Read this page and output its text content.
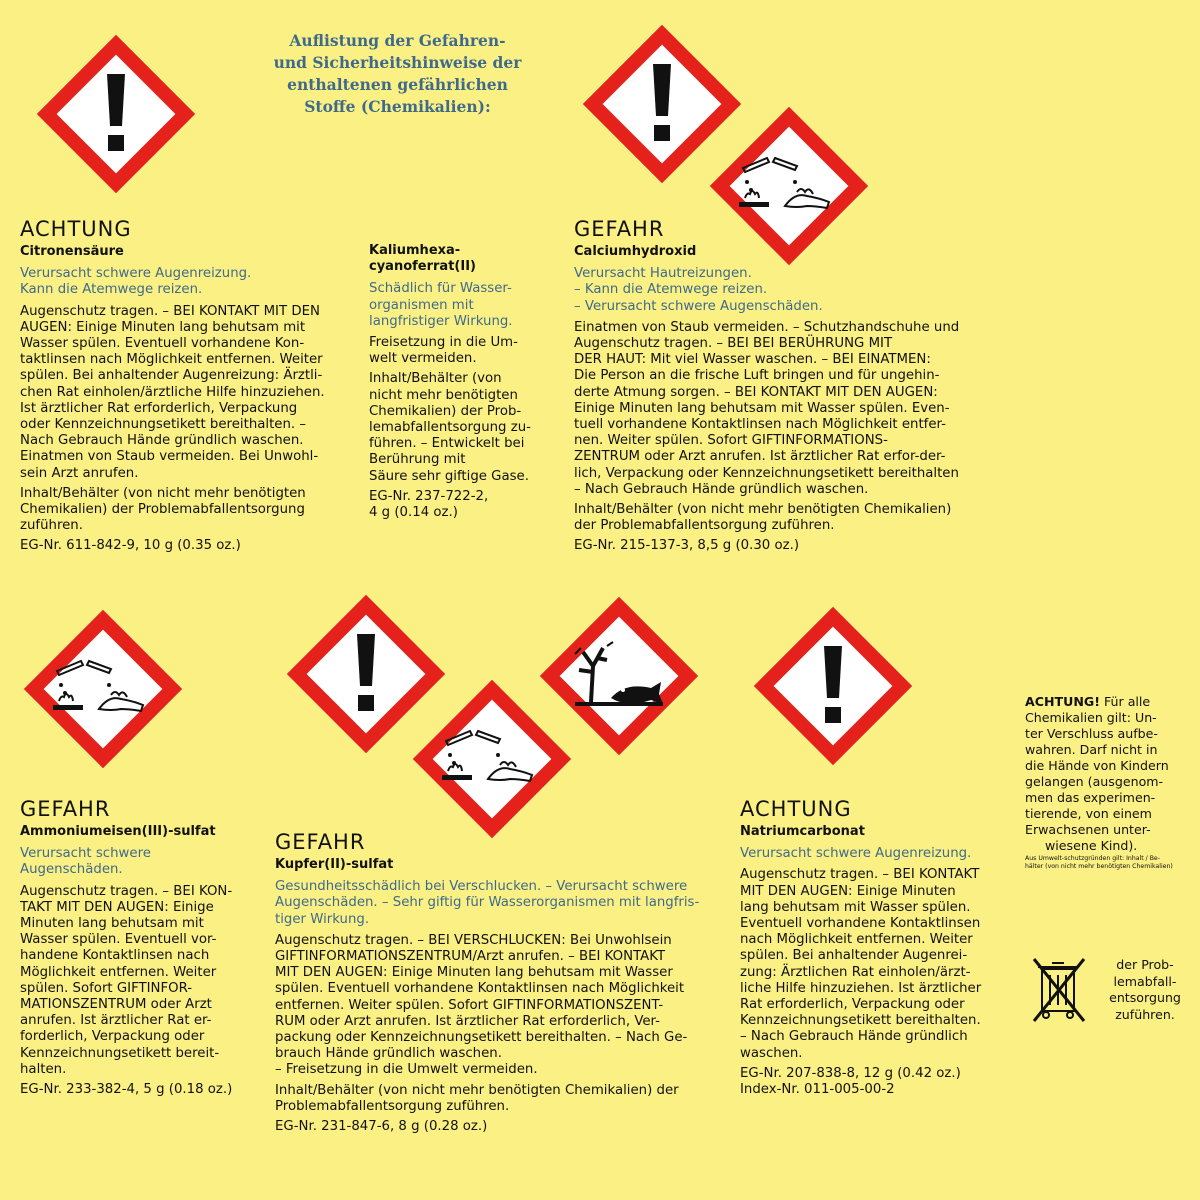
Auflistung der Gefahren-
und Sicherheitshinweise der
enthaltenen gefährlichen
Stoffe (Chemikalien):
ACHTUNG
Citronensäure

Verursacht schwere Augenreizung.
Kann die Atemwege reizen.

Augenschutz tragen. – BEI KONTAKT MIT DEN
AUGEN: Einige Minuten lang behutsam mit
Wasser spülen. Eventuell vorhandene Kon-
taktlinsen nach Möglichkeit entfernen. Weiter
spülen. Bei anhaltender Augenreizung: Ärztli-
chen Rat einholen/ärztliche Hilfe hinzuziehen.
Ist ärztlicher Rat erforderlich, Verpackung
oder Kennzeichnungsetikett bereithalten. –
Nach Gebrauch Hände gründlich waschen.
Einatmen von Staub vermeiden. Bei Unwohl-
sein Arzt anrufen.

Inhalt/Behälter (von nicht mehr benötigten
Chemikalien) der Problemabfallentsorgung
zuführen.

EG-Nr. 611-842-9, 10 g (0.35 oz.)

Kaliumhexa-
cyanoferrat(II)

Schädlich für Wasser-
organismen mit
langfristiger Wirkung.

Freisetzung in die Um-
welt vermeiden.

Inhalt/Behälter (von
nicht mehr benötigten
Chemikalien) der Prob-
lemabfallentsorgung zu-
führen. – Entwickelt bei
Berührung mit
Säure sehr giftige Gase.

EG-Nr. 237-722-2,
4 g (0.14 oz.)

GEFAHR
Calciumhydroxid

Verursacht Hautreizungen.
– Kann die Atemwege reizen.
– Verursacht schwere Augenschäden.

Einatmen von Staub vermeiden. – Schutzhandschuhe und
Augenschutz tragen. – BEI BEI BERÜHRUNG MIT
DER HAUT: Mit viel Wasser waschen. – BEI EINATMEN:
Die Person an die frische Luft bringen und für ungehin-
derte Atmung sorgen. – BEI KONTAKT MIT DEN AUGEN:
Einige Minuten lang behutsam mit Wasser spülen. Even-
tuell vorhandene Kontaktlinsen nach Möglichkeit entfer-
nen. Weiter spülen. Sofort GIFTINFORMATIONS-
ZENTRUM oder Arzt anrufen. Ist ärztlicher Rat erfor-der-
lich, Verpackung oder Kennzeichnungsetikett bereithalten
– Nach Gebrauch Hände gründlich waschen.

Inhalt/Behälter (von nicht mehr benötigten Chemikalien)
der Problemabfallentsorgung zuführen.

EG-Nr. 215-137-3, 8,5 g (0.30 oz.)

GEFAHR
Ammoniumeisen(III)-sulfat

Verursacht schwere
Augenschäden.

Augenschutz tragen. – BEI KON-
TAKT MIT DEN AUGEN: Einige
Minuten lang behutsam mit
Wasser spülen. Eventuell vor-
handene Kontaktlinsen nach
Möglichkeit entfernen. Weiter
spülen. Sofort GIFTINFOR-
MATIONSZENTRUM oder Arzt
anrufen. Ist ärztlicher Rat er-
forderlich, Verpackung oder
Kennzeichnungsetikett bereit-
halten.

EG-Nr. 233-382-4, 5 g (0.18 oz.)

GEFAHR
Kupfer(II)-sulfat

Gesundheitsschädlich bei Verschlucken. – Verursacht schwere
Augenschäden. – Sehr giftig für Wasserorganismen mit langfris-
tiger Wirkung.

Augenschutz tragen. – BEI VERSCHLUCKEN: Bei Unwohlsein
GIFTINFORMATIONSZENTRUM/Arzt anrufen. – BEI KONTAKT
MIT DEN AUGEN: Einige Minuten lang behutsam mit Wasser
spülen. Eventuell vorhandene Kontaktlinsen nach Möglichkeit
entfernen. Weiter spülen. Sofort GIFTINFORMATIONSZENT-
RUM oder Arzt anrufen. Ist ärztlicher Rat erforderlich, Ver-
packung oder Kennzeichnungsetikett bereithalten. – Nach Ge-
brauch Hände gründlich waschen.
– Freisetzung in die Umwelt vermeiden.

Inhalt/Behälter (von nicht mehr benötigten Chemikalien) der
Problemabfallentsorgung zuführen.

EG-Nr. 231-847-6, 8 g (0.28 oz.)

ACHTUNG
Natriumcarbonat

Verursacht schwere Augenreizung.

Augenschutz tragen. – BEI KONTAKT
MIT DEN AUGEN: Einige Minuten
lang behutsam mit Wasser spülen.
Eventuell vorhandene Kontaktlinsen
nach Möglichkeit entfernen. Weiter
spülen. Bei anhaltender Augenrei-
zung: Ärztlichen Rat einholen/ärzt-
liche Hilfe hinzuziehen. Ist ärztlicher
Rat erforderlich, Verpackung oder
Kennzeichnungsetikett bereithalten.
– Nach Gebrauch Hände gründlich
waschen.

EG-Nr. 207-838-8, 12 g (0.42 oz.)
Index-Nr. 011-005-00-2

ACHTUNG! Für alle
Chemikalien gilt: Un-
ter Verschluss aufbe-
wahren. Darf nicht in
die Hände von Kindern
gelangen (ausgenom-
men das experimen-
tierende, von einem
Erwachsenen unter-
wiesene Kind).
Aus Umwelt-schutzgründen gilt: Inhalt / Be-
hälter (von nicht mehr benötigten Chemikalien)
der Prob-
lemabfall-
entsorgung
zuführen.
